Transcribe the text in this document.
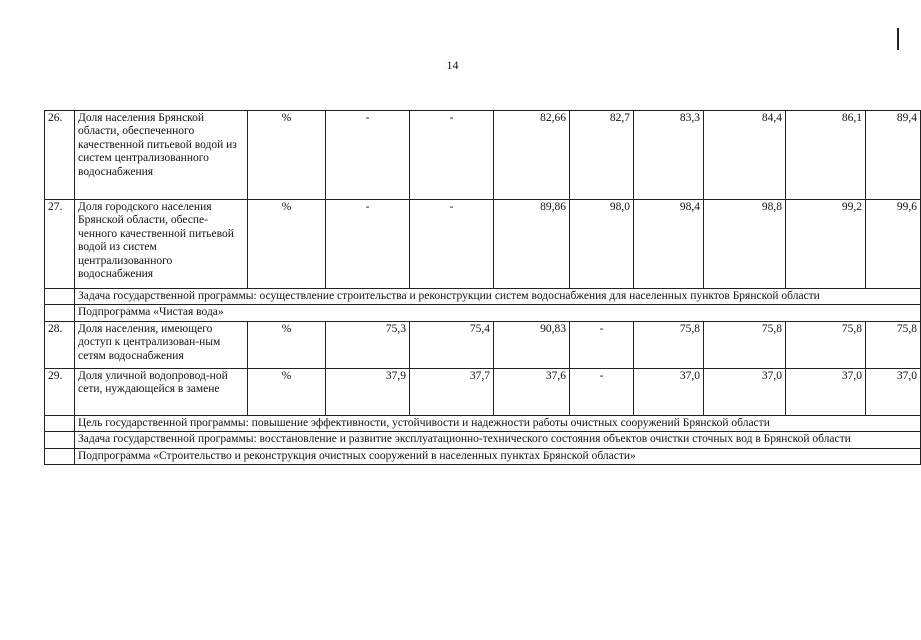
14
26.	Доля населения Брянской области, обеспеченного качественной питьевой водой из систем централизованного водоснабжения	%	-	-	82,66	82,7	83,3	84,4	86,1	89,4
27.	Доля городского населения Брянской области, обеспе-ченного качественной питьевой водой из систем централизованного водоснабжения	%	-	-	89,86	98,0	98,4	98,8	99,2	99,6
	Задача государственной программы: осуществление строительства и реконструкции систем водоснабжения для населенных пунктов Брянской области									
	Подпрограмма «Чистая вода»									
28.	Доля населения, имеющего доступ к централизован-ным сетям водоснабжения	%	75,3	75,4	90,83	-	75,8	75,8	75,8	75,8
29.	Доля уличной водопровод-ной сети, нуждающейся в замене	%	37,9	37,7	37,6	-	37,0	37,0	37,0	37,0
	Цель государственной программы: повышение эффективности, устойчивости и надежности работы очистных сооружений Брянской области									
	Задача государственной программы: восстановление и развитие эксплуатационно-технического состояния объектов очистки сточных вод в Брянской области									
	Подпрограмма «Строительство и реконструкция очистных сооружений в населенных пунктах Брянской области»									
